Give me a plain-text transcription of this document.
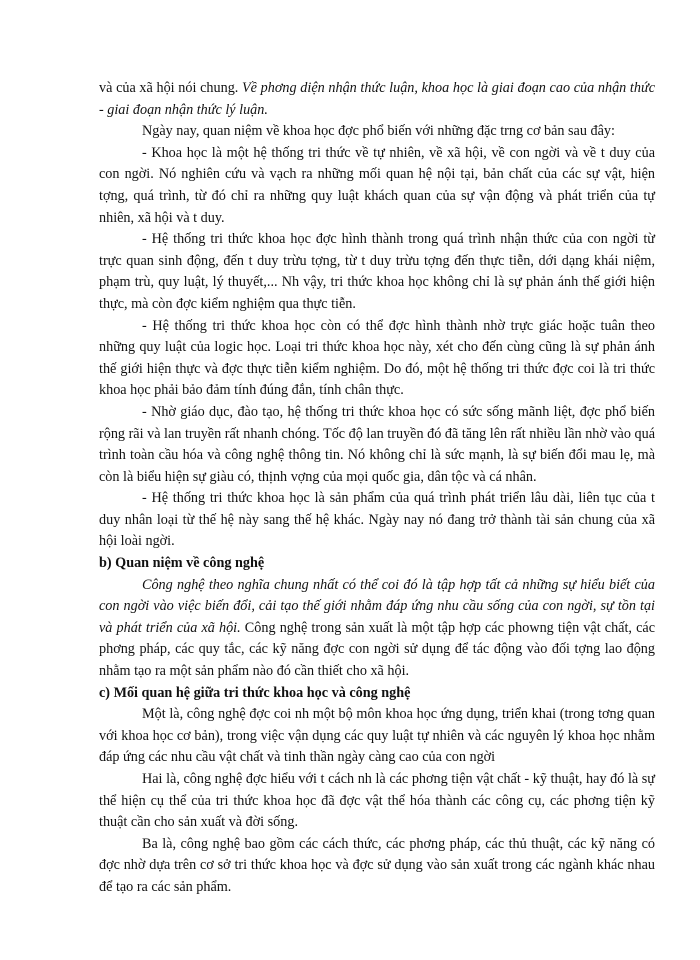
và của xã hội nói chung. Về phơng diện nhận thức luận, khoa học là giai đoạn cao của nhận thức - giai đoạn nhận thức lý luận.

Ngày nay, quan niệm về khoa học đợc phổ biến với những đặc trng cơ bản sau đây:

- Khoa học là một hệ thống tri thức về tự nhiên, về xã hội, về con ngời và về t duy của con ngời. Nó nghiên cứu và vạch ra những mối quan hệ nội tại, bản chất của các sự vật, hiện tợng, quá trình, từ đó chỉ ra những quy luật khách quan của sự vận động và phát triển của tự nhiên, xã hội và t duy.

- Hệ thống tri thức khoa học đợc hình thành trong quá trình nhận thức của con ngời từ trực quan sinh động, đến t duy trừu tợng, từ t duy trừu tợng đến thực tiễn, dới dạng khái niệm, phạm trù, quy luật, lý thuyết,... Nh vậy, tri thức khoa học không chỉ là sự phản ánh thế giới hiện thực, mà còn đợc kiểm nghiệm qua thực tiễn.

- Hệ thống tri thức khoa học còn có thể đợc hình thành nhờ trực giác hoặc tuân theo những quy luật của logic học. Loại tri thức khoa học này, xét cho đến cùng cũng là sự phản ánh thế giới hiện thực và đợc thực tiễn kiểm nghiệm. Do đó, một hệ thống tri thức đợc coi là tri thức khoa học phải bảo đảm tính đúng đắn, tính chân thực.

- Nhờ giáo dục, đào tạo, hệ thống tri thức khoa học có sức sống mãnh liệt, đợc phổ biến rộng rãi và lan truyền rất nhanh chóng. Tốc độ lan truyền đó đã tăng lên rất nhiều lần nhờ vào quá trình toàn cầu hóa và công nghệ thông tin. Nó không chỉ là sức mạnh, là sự biến đổi mau lẹ, mà còn là biểu hiện sự giàu có, thịnh vợng của mọi quốc gia, dân tộc và cá nhân.

- Hệ thống tri thức khoa học là sản phẩm của quá trình phát triển lâu dài, liên tục của t duy nhân loại từ thế hệ này sang thế hệ khác. Ngày nay nó đang trở thành tài sản chung của xã hội loài ngời.

b) Quan niệm về công nghệ

Công nghệ theo nghĩa chung nhất có thể coi đó là tập hợp tất cả những sự hiểu biết của con ngời vào việc biến đổi, cải tạo thế giới nhằm đáp ứng nhu cầu sống của con ngời, sự tồn tại và phát triển của xã hội. Công nghệ trong sản xuất là một tập hợp các phowng tiện vật chất, các phơng pháp, các quy tắc, các kỹ năng đợc con ngời sử dụng để tác động vào đối tợng lao động nhằm tạo ra một sản phẩm nào đó cần thiết cho xã hội.

c) Mối quan hệ giữa tri thức khoa học và công nghệ

Một là, công nghệ đợc coi nh một bộ môn khoa học ứng dụng, triển khai (trong tơng quan với khoa học cơ bản), trong việc vận dụng các quy luật tự nhiên và các nguyên lý khoa học nhằm đáp ứng các nhu cầu vật chất và tinh thần ngày càng cao của con ngời

Hai là, công nghệ đợc hiểu với t cách nh là các phơng tiện vật chất - kỹ thuật, hay đó là sự thể hiện cụ thể của tri thức khoa học đã đợc vật thể hóa thành các công cụ, các phơng tiện kỹ thuật cần cho sản xuất và đời sống.

Ba là, công nghệ bao gồm các cách thức, các phơng pháp, các thủ thuật, các kỹ năng có đợc nhờ dựa trên cơ sở tri thức khoa học và đợc sử dụng vào sản xuất trong các ngành khác nhau để tạo ra các sản phẩm.
